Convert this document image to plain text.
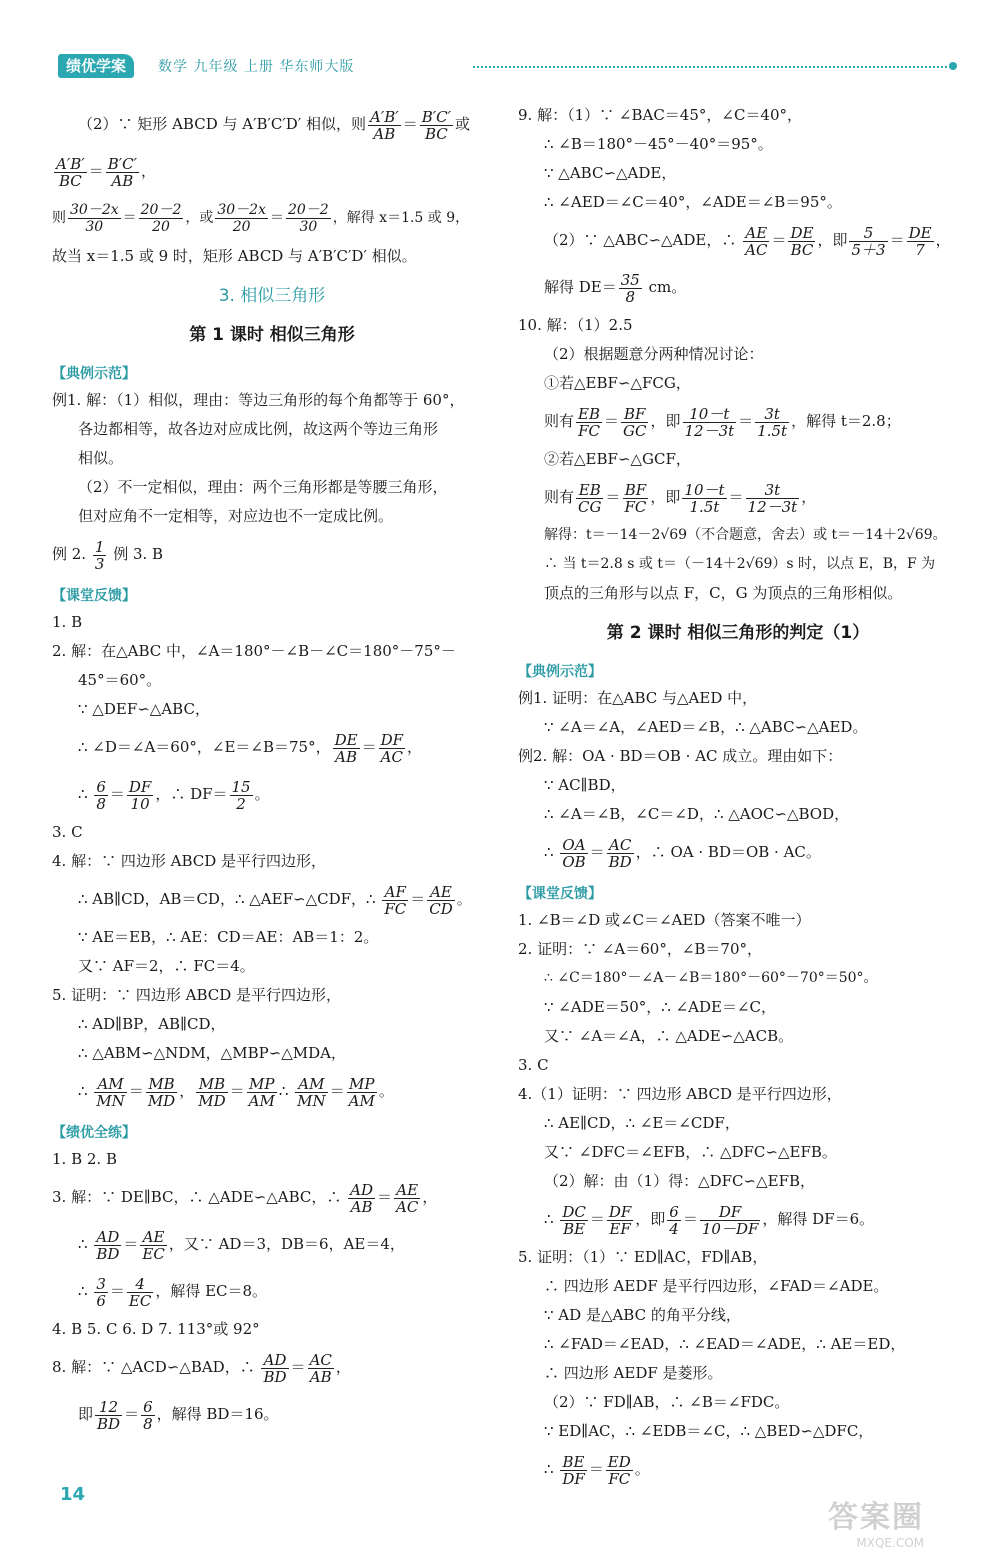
绩优学案	数学 九年级 上册 华东师大版
（2）∵ 矩形 ABCD 与 A′B′C′D′ 相似，则 $\frac{A'B'}{AB} = \frac{B'C'}{BC}$ 或
$\frac{A'B'}{BC} = \frac{B'C'}{AB}$ ，
则 $\frac{30-2x}{30} = \frac{20-2}{20}$ ，或 $\frac{30-2x}{20} = \frac{20-2}{30}$ ，解得 x＝1.5 或 9，
故当 x＝1.5 或 9 时，矩形 ABCD 与 A′B′C′D′ 相似。
3. 相似三角形
第 1 课时 相似三角形
【典例示范】
例1. 解：（1）相似，理由：等边三角形的每个角都等于 60°，
各边都相等，故各边对应成比例，故这两个等边三角形
相似。
（2）不一定相似，理由：两个三角形都是等腰三角形，
但对应角不一定相等，对应边也不一定成比例。
例 2. $\frac{1}{3}$ 例 3. B
【课堂反馈】
1. B
2. 解：在△ABC 中，∠A＝180°－∠B－∠C＝180°－75°－
45°＝60°。
∵ △DEF∽△ABC，
∴ ∠D＝∠A＝60°，∠E＝∠B＝75°， $\frac{DE}{AB} = \frac{DF}{AC}$ ，
∴ $\frac{6}{8} = \frac{DF}{10}$ ，∴ $DF= \frac{15}{2}$ 。
3. C
4. 解：∵ 四边形 ABCD 是平行四边形，
∴ AB∥CD，AB＝CD，∴ △AEF∽△CDF，∴ $\frac{AF}{FC} = \frac{AE}{CD}$ 。
∵ AE＝EB，∴ AE：CD＝AE：AB＝1：2。
又∵ AF＝2，∴ FC＝4。
5. 证明：∵ 四边形 ABCD 是平行四边形，
∴ AD∥BP，AB∥CD，
∴ △ABM∽△NDM，△MBP∽△MDA，
∴ $\frac{AM}{MN} = \frac{MB}{MD}$ ， $\frac{MB}{MD} = \frac{MP}{AM}$ ∴ $\frac{AM}{MN} = \frac{MP}{AM}$ 。
【绩优全练】
1. B 2. B
3. 解：∵ DE∥BC，∴ △ADE∽△ABC，∴ $\frac{AD}{AB} = \frac{AE}{AC}$ ，
∴ $\frac{AD}{BD} = \frac{AE}{EC}$ ，又∵ AD＝3，DB＝6，AE＝4，
∴ $\frac{3}{6} = \frac{4}{EC}$ ，解得 EC＝8。
4. B 5. C 6. D 7. 113°或 92°
8. 解：∵ △ACD∽△BAD，∴ $\frac{AD}{BD} = \frac{AC}{AB}$ ，
即 $\frac{12}{BD} = \frac{6}{8}$ ，解得 BD＝16。
9. 解：（1）∵ ∠BAC＝45°，∠C＝40°，
∴ ∠B＝180°－45°－40°＝95°。
∵ △ABC∽△ADE，
∴ ∠AED＝∠C＝40°，∠ADE＝∠B＝95°。
（2）∵ △ABC∽△ADE，∴ $\frac{AE}{AC} = \frac{DE}{BC}$ ，即 $\frac{5}{5+3} = \frac{DE}{7}$ ，
解得 $DE= \frac{35}{8}$ cm。
10. 解：（1）2.5
（2）根据题意分两种情况讨论：
①若△EBF∽△FCG，
则有 $\frac{EB}{FC} = \frac{BF}{GC}$ ，即 $\frac{10-t}{12-3t} = \frac{3t}{1.5t}$ ，解得 t＝2.8；
②若△EBF∽△GCF，
则有 $\frac{EB}{CG} = \frac{BF}{FC}$ ，即 $\frac{10-t}{1.5t} = \frac{3t}{12-3t}$ ，
解得：t＝－14－2√69（不合题意，舍去）或 t＝－14＋2√69。
∴ 当 t＝2.8 s 或 t＝（－14＋2√69）s 时，以点 E，B，F 为
顶点的三角形与以点 F，C，G 为顶点的三角形相似。
第 2 课时 相似三角形的判定（1）
【典例示范】
例1. 证明：在△ABC 与△AED 中，
∵ ∠A＝∠A，∠AED＝∠B，∴ △ABC∽△AED。
例2. 解：OA · BD＝OB · AC 成立。理由如下：
∵ AC∥BD，
∴ ∠A＝∠B，∠C＝∠D，∴ △AOC∽△BOD，
∴ $\frac{OA}{OB} = \frac{AC}{BD}$ ，∴ OA · BD＝OB · AC。
【课堂反馈】
1. ∠B＝∠D 或∠C＝∠AED（答案不唯一）
2. 证明：∵ ∠A＝60°，∠B＝70°，
∴ ∠C＝180°－∠A－∠B＝180°－60°－70°＝50°。
∵ ∠ADE＝50°，∴ ∠ADE＝∠C，
又∵ ∠A＝∠A，∴ △ADE∽△ACB。
3. C
4.（1）证明：∵ 四边形 ABCD 是平行四边形，
∴ AE∥CD，∴ ∠E＝∠CDF，
又∵ ∠DFC＝∠EFB，∴ △DFC∽△EFB。
（2）解：由（1）得：△DFC∽△EFB，
∴ $\frac{DC}{BE} = \frac{DF}{EF}$ ，即 $\frac{6}{4} = \frac{DF}{10-DF}$ ，解得 DF＝6。
5. 证明：（1）∵ ED∥AC，FD∥AB，
∴ 四边形 AEDF 是平行四边形，∠FAD＝∠ADE。
∵ AD 是△ABC 的角平分线，
∴ ∠FAD＝∠EAD，∴ ∠EAD＝∠ADE，∴ AE＝ED，
∴ 四边形 AEDF 是菱形。
（2）∵ FD∥AB，∴ ∠B＝∠FDC。
∵ ED∥AC，∴ ∠EDB＝∠C，∴ △BED∽△DFC，
∴ $\frac{BE}{DF} = \frac{ED}{FC}$ 。
14
答案圈
MXQE.COM
